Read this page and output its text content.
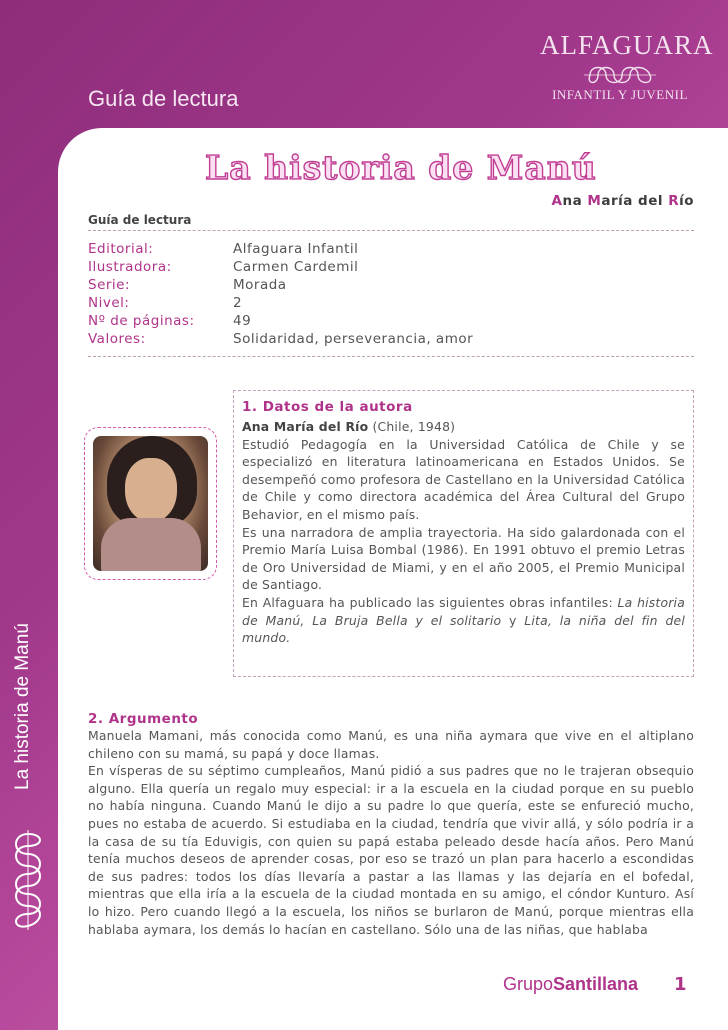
Guía de lectura
ALFAGUARA
INFANTIL Y JUVENIL
La historia de Manú
La historia de Manú
Ana María del Río
Guía de lectura
Editorial:	Alfaguara Infantil
Ilustradora:	Carmen Cardemil
Serie:	Morada
Nivel:	2
Nº de páginas:	49
Valores:	Solidaridad, perseverancia, amor
1. Datos de la autora
Ana María del Río (Chile, 1948)
Estudió Pedagogía en la Universidad Católica de Chile y se especializó en literatura latinoamericana en Estados Unidos. Se desempeñó como profesora de Castellano en la Universidad Católica de Chile y como directora académica del Área Cultural del Grupo Behavior, en el mismo país.
Es una narradora de amplia trayectoria. Ha sido galardonada con el Premio María Luisa Bombal (1986). En 1991 obtuvo el premio Letras de Oro Universidad de Miami, y en el año 2005, el Premio Municipal de Santiago.
En Alfaguara ha publicado las siguientes obras infantiles: La historia de Manú, La Bruja Bella y el solitario y Lita, la niña del fin del mundo.
2. Argumento
Manuela Mamani, más conocida como Manú, es una niña aymara que vive en el altiplano chileno con su mamá, su papá y doce llamas.
En vísperas de su séptimo cumpleaños, Manú pidió a sus padres que no le trajeran obsequio alguno. Ella quería un regalo muy especial: ir a la escuela en la ciudad porque en su pueblo no había ninguna. Cuando Manú le dijo a su padre lo que quería, este se enfureció mucho, pues no estaba de acuerdo. Si estudiaba en la ciudad, tendría que vivir allá, y sólo podría ir a la casa de su tía Eduvigis, con quien su papá estaba peleado desde hacía años. Pero Manú tenía muchos deseos de aprender cosas, por eso se trazó un plan para hacerlo a escondidas de sus padres: todos los días llevaría a pastar a las llamas y las dejaría en el bofedal, mientras que ella iría a la escuela de la ciudad montada en su amigo, el cóndor Kunturo. Así lo hizo. Pero cuando llegó a la escuela, los niños se burlaron de Manú, porque mientras ella hablaba aymara, los demás lo hacían en castellano. Sólo una de las niñas, que hablaba
GrupoSantillana 1
